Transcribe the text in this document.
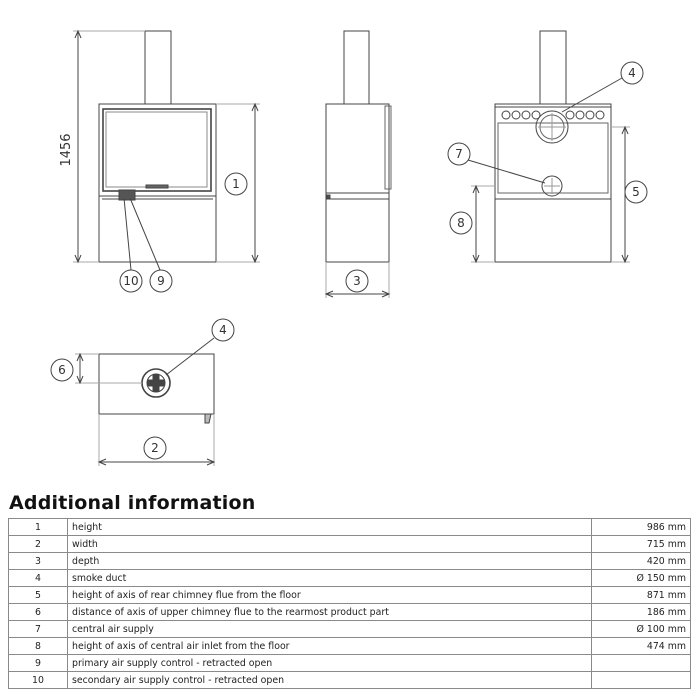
1456
1
10 9	3
4
7
5
8
4
6
2
Additional information
1	height	986 mm
2	width	715 mm
3	depth	420 mm
4	smoke duct	Ø 150 mm
5	height of axis of rear chimney flue from the floor	871 mm
6	distance of axis of upper chimney flue to the rearmost product part	186 mm
7	central air supply	Ø 100 mm
8	height of axis of central air inlet from the floor	474 mm
9	primary air supply control - retracted open	
10	secondary air supply control - retracted open	
